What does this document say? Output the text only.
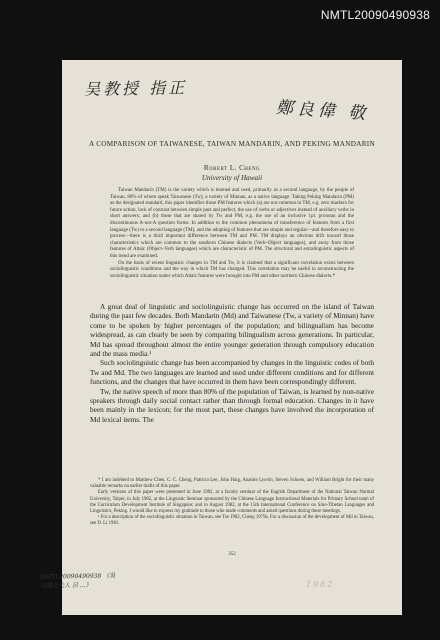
NMTL20090490938
吴教授 指正
鄭良偉 敬
A COMPARISON OF TAIWANESE, TAIWAN MANDARIN, AND PEKING MANDARIN
Robert L. Cheng
University of Hawaii

Taiwan Mandarin (TM) is the variety which is learned and used, primarily as a second language, by the people of Taiwan, 80% of whom speak Taiwanese (Tw), a variety of Minnan, as a native language. Taking Peking Mandarin (PM) as the designated standard, this paper identifies those PM features which (a) are not common in TM, e.g. zero markers for future action, lack of contrast between simple past and perfect, the use of verbs or adjectives instead of auxiliary verbs in short answers; and (b) those that are shared by Tw and PM, e.g. the use of an inclusive 1pl. pronoun and the discontinuous A-not-A question forms. In addition to the common phenomena of transference of features from a first language (Tw) to a second language (TM), and the adopting of features that are simple and regular—and therefore easy to process—there is a third important difference between TM and PM. TM displays an obvious drift toward those characteristics which are common to the southern Chinese dialects (Verb–Object languages), and away from those features of Altaic (Object–Verb languages) which are characteristic of PM. The structural and extralinguistic aspects of this trend are examined.

On the basis of recent linguistic changes in TM and Tw, it is claimed that a significant correlation exists between sociolinguistic conditions and the way in which TM has changed. This correlation may be useful in reconstructing the sociolinguistic situation under which Altaic features were brought into PM and other northern Chinese dialects.*

A great deal of linguistic and sociolinguistic change has occurred on the island of Taiwan during the past few decades. Both Mandarin (Md) and Taiwanese (Tw, a variety of Minnan) have come to be spoken by higher percentages of the population; and bilingualism has become widespread, as can clearly be seen by comparing bilingualism across generations. In particular, Md has spread throughout almost the entire younger generation through compulsory education and the mass media.¹

Such sociolinguistic change has been accompanied by changes in the linguistic codes of both Tw and Md. The two languages are learned and used under different conditions and for different functions, and the changes that have occurred in them have been correspondingly different.

Tw, the native speech of more than 80% of the population of Taiwan, is learned by non-native speakers through daily social contact rather than through formal education. Changes in it have been mainly in the lexicon; for the most part, these changes have involved the incorporation of Md lexical items. The

* I am indebted to Matthew Chen, C. C. Cheng, Patricia Lee, John Haig, Anatole Lyovin, Steven Schoen, and William Bright for their many valuable remarks on earlier drafts of this paper.

Early versions of this paper were presented in June 1982, at a faculty seminar of the English Department of the National Taiwan Normal University, Taipei; in July 1982, at the Linguistic Seminar sponsored by the Chinese Language Instructional Materials for Primary School team of the Curriculum Development Institute of Singapore; and in August 1982, at the 15th International Conference on Sino-Tibetan Languages and Linguistics, Peking. I would like to express my gratitude to those who made comments and asked questions during these meetings.

¹ For a description of the sociolinguistic situation in Taiwan, see Tse 1982, Cheng 1979a. For a discussion of the development of Md in Taiwan, see D. Li 1981.

352
NMTL20090490938 《吳守禮及夫人 呂 ...》	1982
